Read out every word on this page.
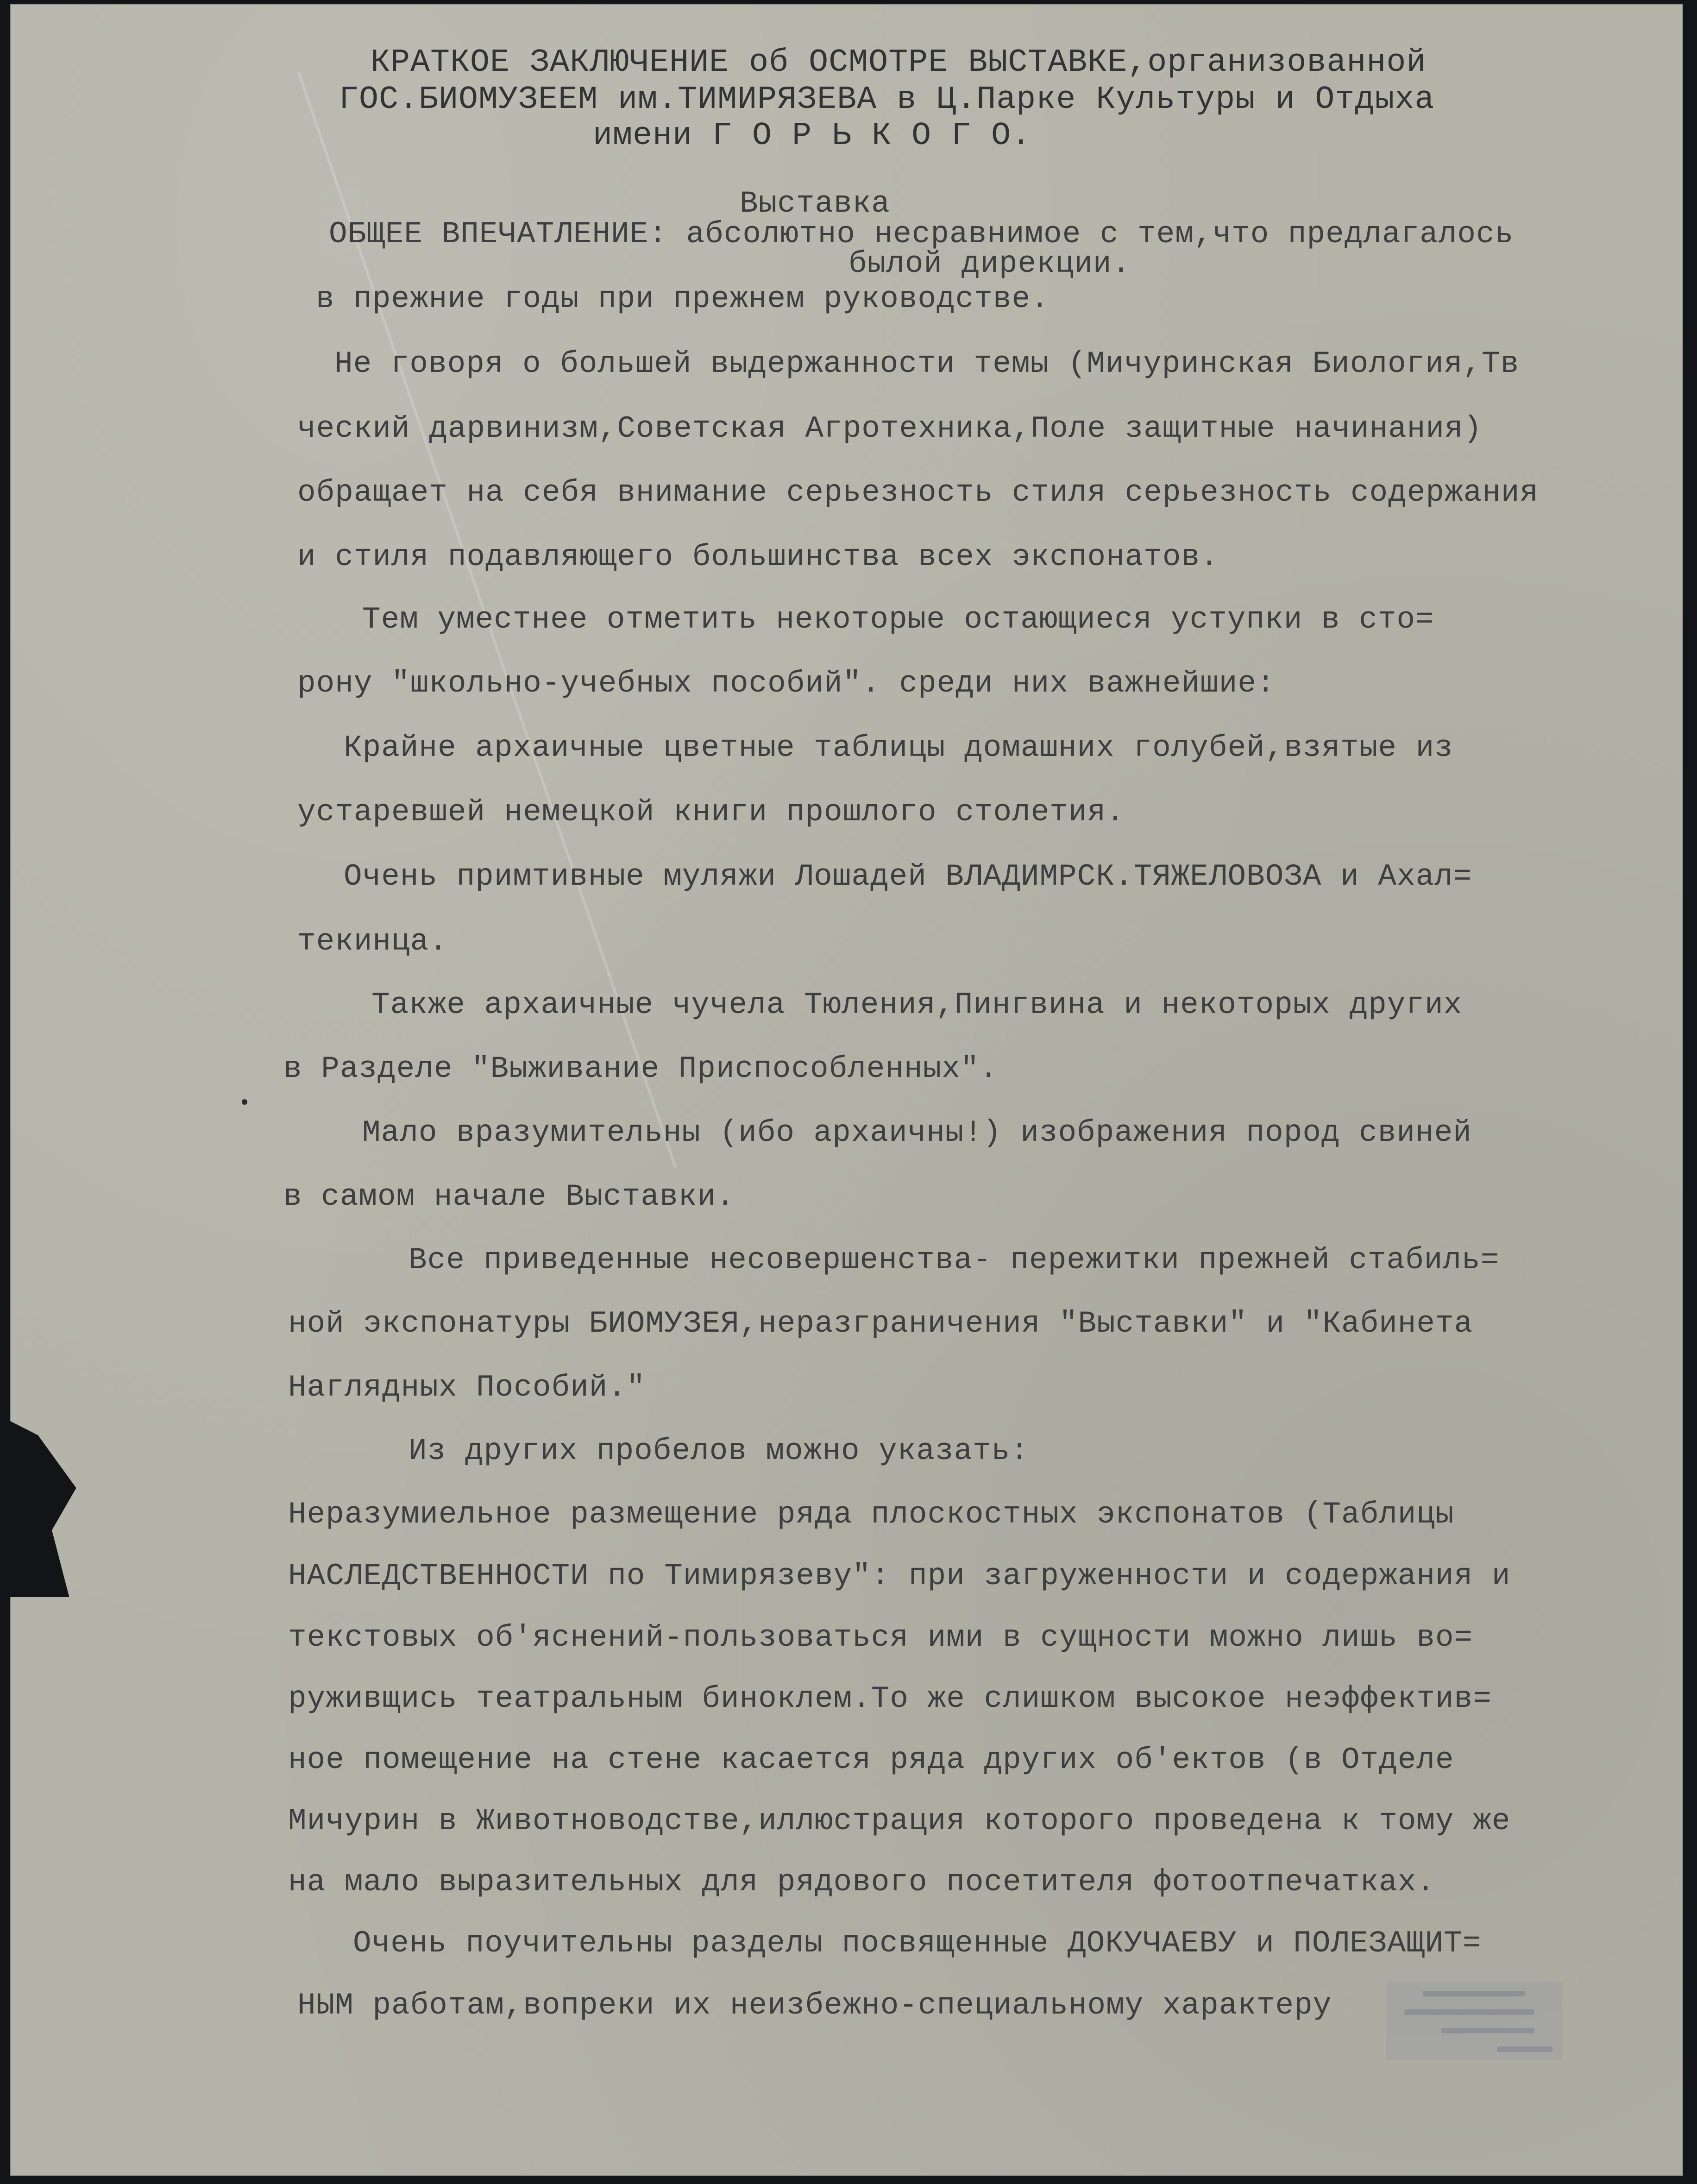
КРАТКОЕ ЗАКЛЮЧЕНИЕ об ОСМОТРЕ ВЫСТАВКЕ,организованной

ГОС.БИОМУЗЕЕМ им.ТИМИРЯЗЕВА в Ц.Парке Культуры и Отдыха

имени Г О Р Ь К О Г О.

Выставка

ОБЩЕЕ ВПЕЧАТЛЕНИЕ: абсолютно несравнимое с тем,что предлагалось

былой дирекции.

в прежние годы при прежнем руководстве.

Не говоря о большей выдержанности темы (Мичуринская Биология,Тв

ческий дарвинизм,Советская Агротехника,Поле защитные начинания)

обращает на себя внимание серьезность стиля серьезность содержания

и стиля подавляющего большинства всех экспонатов.

Тем уместнее отметить некоторые остающиеся уступки в сто=

рону "школьно-учебных пособий". среди них важнейшие:

Крайне архаичные цветные таблицы домашних голубей,взятые из

устаревшей немецкой книги прошлого столетия.

Очень примтивные муляжи Лошадей ВЛАДИМРСК.ТЯЖЕЛОВОЗА и Ахал=

текинца.

Также архаичные чучела Тюления,Пингвина и некоторых других

в Разделе "Выживание Приспособленных".

Мало вразумительны (ибо архаичны!) изображения пород свиней

в самом начале Выставки.

Все приведенные несовершенства- пережитки прежней стабиль=

ной экспонатуры БИОМУЗЕЯ,неразграничения "Выставки" и "Кабинета

Наглядных Пособий."

Из других пробелов можно указать:

Неразумиельное размещение ряда плоскостных экспонатов (Таблицы

НАСЛЕДСТВЕННОСТИ по Тимирязеву": при загруженности и содержания и

текстовых об'яснений-пользоваться ими в сущности можно лишь во=

руживщись театральным биноклем.То же слишком высокое неэффектив=

ное помещение на стене касается ряда других об'ектов (в Отделе

Мичурин в Животноводстве,иллюстрация которого проведена к тому же

на мало выразительных для рядового посетителя фотоотпечатках.

Очень поучительны разделы посвященные ДОКУЧАЕВУ и ПОЛЕЗАЩИТ=

НЫМ работам,вопреки их неизбежно-специальному характеру
